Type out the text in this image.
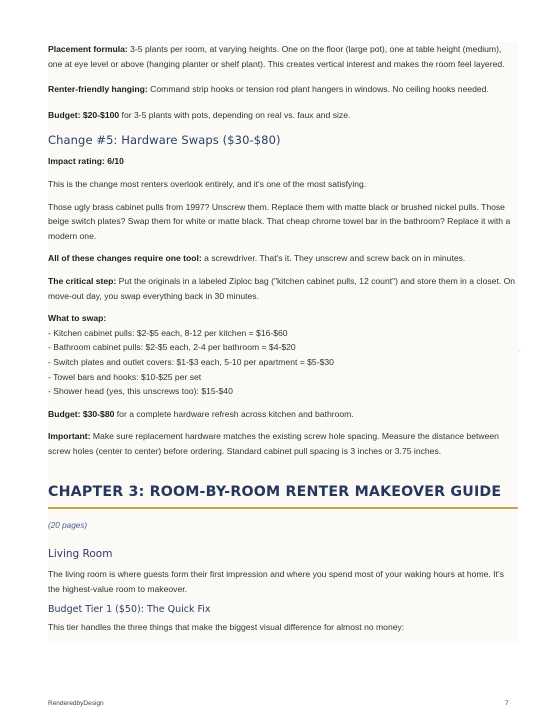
Placement formula: 3-5 plants per room, at varying heights. One on the floor (large pot), one at table height (medium), one at eye level or above (hanging planter or shelf plant). This creates vertical interest and makes the room feel layered.

Renter-friendly hanging: Command strip hooks or tension rod plant hangers in windows. No ceiling hooks needed.

Budget: $20-$100 for 3-5 plants with pots, depending on real vs. faux and size.

Change #5: Hardware Swaps ($30-$80)

Impact rating: 6/10

This is the change most renters overlook entirely, and it's one of the most satisfying.

Those ugly brass cabinet pulls from 1997? Unscrew them. Replace them with matte black or brushed nickel pulls. Those beige switch plates? Swap them for white or matte black. That cheap chrome towel bar in the bathroom? Replace it with a modern one.

All of these changes require one tool: a screwdriver. That's it. They unscrew and screw back on in minutes.

The critical step: Put the originals in a labeled Ziploc bag ("kitchen cabinet pulls, 12 count") and store them in a closet. On move-out day, you swap everything back in 30 minutes.

What to swap:

- Kitchen cabinet pulls: $2-$5 each, 8-12 per kitchen = $16-$60

- Bathroom cabinet pulls: $2-$5 each, 2-4 per bathroom = $4-$20

- Switch plates and outlet covers: $1-$3 each, 5-10 per apartment = $5-$30

- Towel bars and hooks: $10-$25 per set

- Shower head (yes, this unscrews too): $15-$40

Budget: $30-$80 for a complete hardware refresh across kitchen and bathroom.

Important: Make sure replacement hardware matches the existing screw hole spacing. Measure the distance between screw holes (center to center) before ordering. Standard cabinet pull spacing is 3 inches or 3.75 inches.

CHAPTER 3: ROOM-BY-ROOM RENTER MAKEOVER GUIDE

(20 pages)

Living Room

The living room is where guests form their first impression and where you spend most of your waking hours at home. It's the highest-value room to makeover.

Budget Tier 1 ($50): The Quick Fix

This tier handles the three things that make the biggest visual difference for almost no money:

RenderedbyDesign	7
